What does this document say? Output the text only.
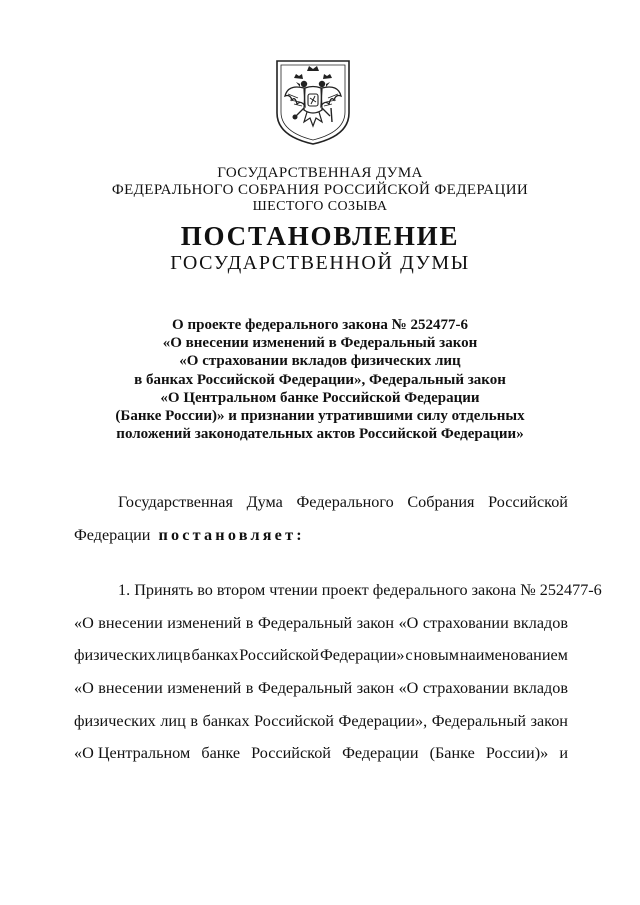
ГОСУДАРСТВЕННАЯ ДУМА
ФЕДЕРАЛЬНОГО СОБРАНИЯ РОССИЙСКОЙ ФЕДЕРАЦИИ
ШЕСТОГО СОЗЫВА
ПОСТАНОВЛЕНИЕ
ГОСУДАРСТВЕННОЙ ДУМЫ
О проекте федерального закона № 252477-6
«О внесении изменений в Федеральный закон
«О страховании вкладов физических лиц
в банках Российской Федерации», Федеральный закон
«О Центральном банке Российской Федерации
(Банке России)» и признании утратившими силу отдельных
положений законодательных актов Российской Федерации»
Государственная Дума Федерального Собрания Российской
Федерации постановляет:
1. Принять во втором чтении проект федерального закона № 252477-6
«О внесении изменений в Федеральный закон «О страховании вкладов
физических лиц в банках Российской Федерации» с новым наименованием
«О внесении изменений в Федеральный закон «О страховании вкладов
физических лиц в банках Российской Федерации», Федеральный закон
«О Центральном банке Российской Федерации (Банке России)» и
